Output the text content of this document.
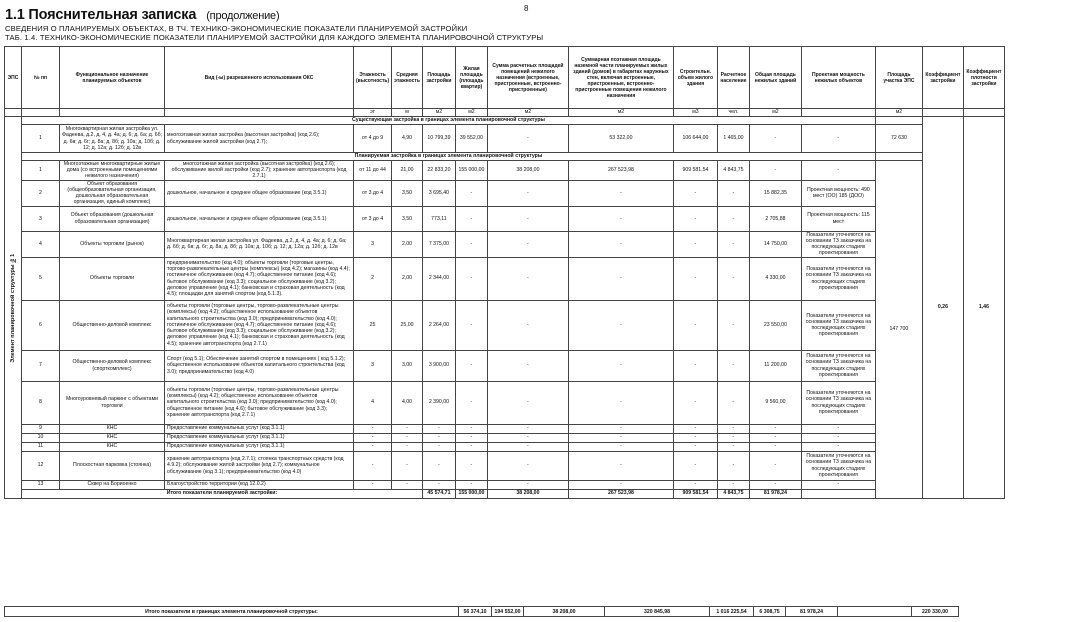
8
1.1 Пояснительная записка (продолжение)
СВЕДЕНИЯ О ПЛАНИРУЕМЫХ ОБЪЕКТАХ, В ТЧ. ТЕХНИКО-ЭКОНОМИЧЕСКИЕ ПОКАЗАТЕЛИ ПЛАНИРУЕМОЙ ЗАСТРОЙКИ
ТАБ. 1.4. ТЕХНИКО-ЭКОНОМИЧЕСКИЕ ПОКАЗАТЕЛИ ПЛАНИРУЕМОЙ ЗАСТРОЙКИ ДЛЯ КАЖДОГО ЭЛЕМЕНТА ПЛАНИРОВОЧНОЙ СТРУКТУРЫ
ЭПС	№ пп	Функциональное назначение планируемых объектов	Вид (-ы) разрешенного использования ОКС	Этажность (высотность)	Средняя этажность	Площадь застройки	Жилая площадь (площадь квартир)	Сумма расчетных площадей помещений нежилого назначения (встроенные, пристроенные, встроенно-пристроенные)	Суммарная поэтажная площадь наземной части планируемых жилых зданий (домов) в габаритах наружных стен, включая встроенные, пристроенные, встроенно-пристроенные помещения нежилого назначения	Строительн. объем жилого здания	Расчетное население	Общая площадь нежилых зданий	Проектная мощность нежилых объектов	Площадь участка ЭПС	Коэффициент застройки	Коэффициент плотности застройки
				эт	м	м2	м2	м2	м2	м3	чел.	м2		м2		
Элемент планировочной структуры №1	Существующая застройка в границах элемента планировочной структуры														0,26	1,46
	1	Многоквартирная жилая застройка ул. Фадеева, д.2, д. 4, д. 4а; д. 6; д. 6а; д. 6б; д. 6в; д. 6г; д. 8а; д. 8б; д. 10а; д. 10б; д. 12; д. 12а; д. 12б; д. 12в	многоэтажная жилая застройка (высотная застройка) (код 2.6); обслуживание жилой застройки (код 2.7);	от 4 до 9	4,90	10 799,39	39 552,00	-	53 322,00	106 644,00	1 465,00	-	-	72 630		
	Планируемая застройка в границах элемента планировочной структуры															
	1	Многоэтажные многоквартирные жилые дома (со встроенными помещениями нежилого назначения)	многоэтажная жилая застройка (высотная застройка) (код 2.6); обслуживание жилой застройки (код 2.7); хранение автотранспорта (код 2.7.1)	от 11 до 44	21,00	22 833,20	155 000,00	38 208,00	267 523,98	909 581,54	4 843,75	-	-	147 700		
	2	Объект образования (общеобразовательная организация, дошкольная образовательная организация, единый комплекс)	дошкольное, начальное и среднее общее образование (код 3.5.1)	от 3 до 4	3,50	3 695,40	-	-	-	-	-	15 882,35	Проектная мощность: 490 мест (ОО) 185 (ДОО)			
	3	Объект образования (дошкольная образовательная организация)	дошкольное, начальное и среднее общее образование (код 3.5.1)	от 3 до 4	3,50	773,11	-	-	-	-	-	2 705,88	Проектная мощность: 115 мест			
	4	Объекты торговли (рынок)	Многоквартирная жилая застройка ул. Фадеева, д.2, д. 4, д. 4а; д. 6; д. 6а; д. 6б; д. 6в; д. 6г; д. 8а; д. 8б; д. 10а; д. 10б; д. 12; д. 12а; д. 12б; д. 12в	3	2,00	7 375,00	-	-	-	-	-	14 750,00	Показатели уточняются на основании ТЗ заказчика на последующих стадиях проектирования			
	5	Объекты торговли	предпринимательство (код 4.0); объекты торговли (торговые центры, торгово-развлекательные центры (комплексы) (код 4.2); магазины (код 4.4); гостиничное обслуживание (код 4.7); общественное питание (код 4.6); бытовое обслуживание (код 3.3); социальное обслуживание (код 3.2); деловое управление (код 4.1); банковская и страховая деятельность (код 4.5); площадки для занятий спортом (код 5.1.3).	2	2,00	2 344,00	-	-	-	-	-	4 330,00	Показатели уточняются на основании ТЗ заказчика на последующих стадиях проектирования			
	6	Общественно-деловой комплекс	объекты торговли (торговые центры, торгово-развлекательные центры (комплексы) (код 4.2); общественное использование объектов капитального строительства (код 3.0); предпринимательство (код 4.0); гостиничное обслуживание (код 4.7); общественное питание (код 4.6); бытовое обслуживание (код 3.3); социальное обслуживание (код 3.2); деловое управление (код 4.1); банковская и страховая деятельность (код 4.5); хранение автотранспорта (код 2.7.1)	25	25,00	2 264,00	-	-	-	-	-	23 550,00	Показатели уточняются на основании ТЗ заказчика на последующих стадиях проектирования			
	7	Общественно-деловой комплекс (спорткомплекс)	Спорт (код 5.1); Обеспечение занятий спортом в помещениях ( код 5.1.2); общественное использование объектов капитального строительства (код 3.0); предпринимательство (код 4.0)	3	3,00	3 900,00	-	-	-	-	-	11 200,00	Показатели уточняются на основании ТЗ заказчика на последующих стадиях проектирования			
	8	Многоуровневый паркинг с объектами торговли	объекты торговли (торговые центры, торгово-развлекательные центры (комплексы) (код 4.2); общественное использование объектов капитального строительства (код 3.0); предпринимательство (код 4.0); общественное питание (код 4.6); бытовое обслуживание (код 3.3); хранение автотранспорта (код 2.7.1)	4	4,00	2 390,00	-	-	-	-	-	9 560,00	Показатели уточняются на основании ТЗ заказчика на последующих стадиях проектирования			
	9	КНС	Предоставление коммунальных услуг (код 3.1.1)	-	-	-	-	-	-	-	-	-	-			
	10	КНС	Предоставление коммунальных услуг (код 3.1.1)	-	-	-	-	-	-	-	-	-	-			
	11	КНС	Предоставление коммунальных услуг (код 3.1.1)	-	-	-	-	-	-	-	-	-	-			
	12	Плоскостная парковка (стоянка)	хранение автотранспорта (код 2.7.1); стоянка транспортных средств (код 4.9.2); обслуживание жилой застройки (код 2.7); коммунальное обслуживание (код 3.1); предпринимательство (код 4.0)	-	-	-	-	-	-	-	-	-	Показатели уточняются на основании ТЗ заказчика на последующих стадиях проектирования			
	13	Сквер на Бориоенко	Благоустройство территории (код 12.0.2)	-	-	-	-	-	-	-	-	-	-			
	Итого показатели планируемой застройки:					45 574,71	155 000,00	38 208,00	267 523,98	909 581,54	4 843,75	81 978,24				
Итого показатели в границах элемента планировочной структуры:	56 374,10	194 552,00	38 208,00	320 845,98	1 016 225,54	6 308,75	81 978,24		220 330,00
